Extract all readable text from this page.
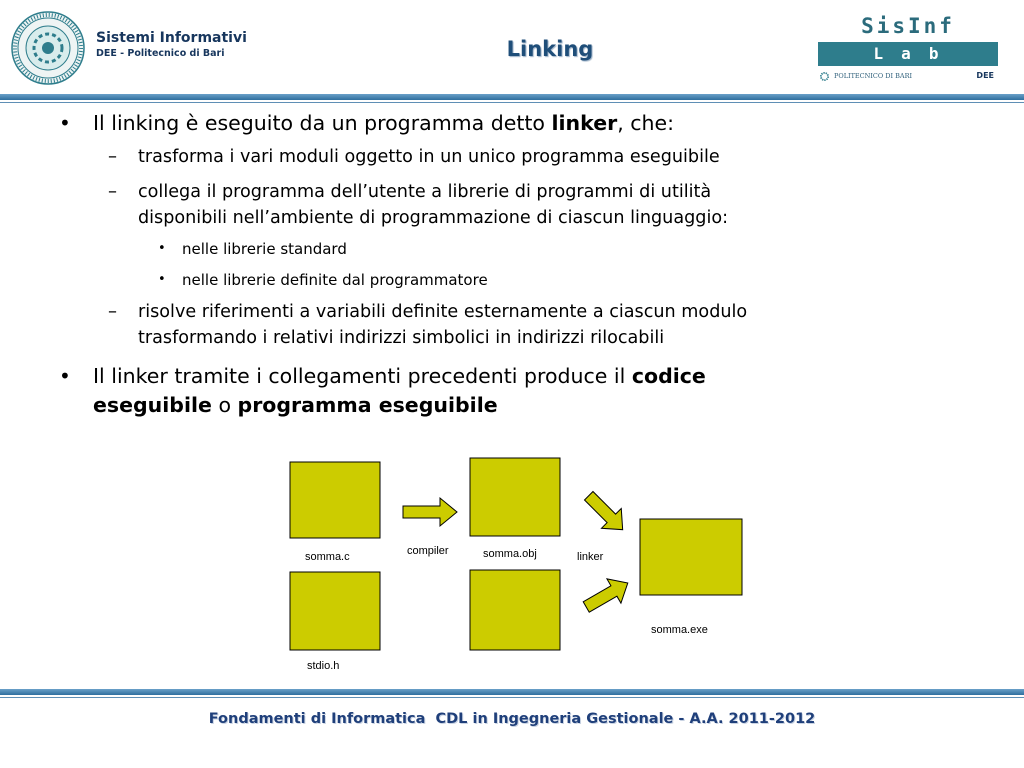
Sistemi Informativi
DEE - Politecnico di Bari	Linking
SisInf
Lab
POLITECNICO DI BARI	DEE
• Il linking è eseguito da un programma detto linker, che:
– trasforma i vari moduli oggetto in un unico programma eseguibile
– collega il programma dell’utente a librerie di programmi di utilità
disponibili nell’ambiente di programmazione di ciascun linguaggio:
• nelle librerie standard
• nelle librerie definite dal programmatore
– risolve riferimenti a variabili definite esternamente a ciascun modulo
trasformando i relativi indirizzi simbolici in indirizzi rilocabili
• Il linker tramite i collegamenti precedenti produce il codice
eseguibile o programma eseguibile
somma.c	compiler	somma.obj	linker
somma.exe
stdio.h
Fondamenti di Informatica  CDL in Ingegneria Gestionale - A.A. 2011-2012
